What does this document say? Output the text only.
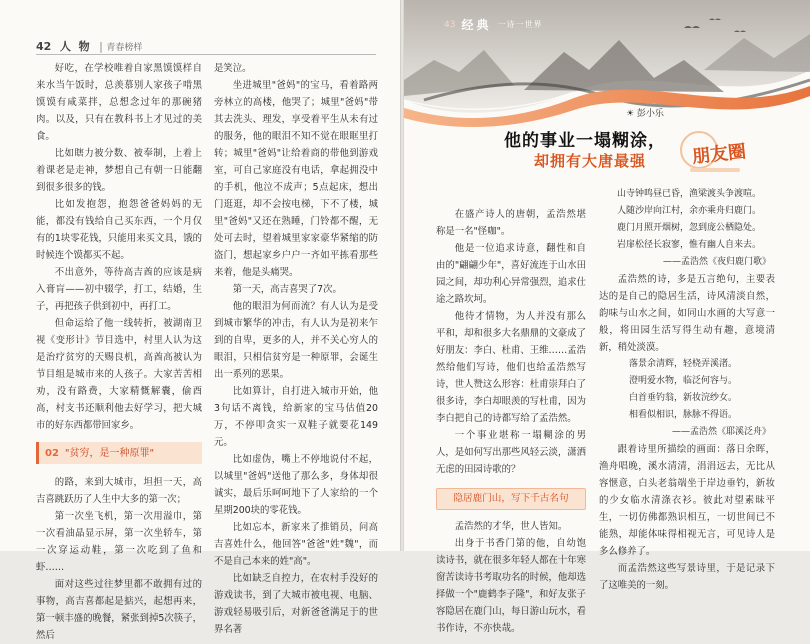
42 人 物 | 青春榜样

好吃，在学校唯着自家黑馍馍样自来水当午饭时，总羡慕别人家孩子啃黑馍馍有咸菜拌，总想念过年的那碗猪肉。以及，只有在教科书上才见过的美食。

比如瞎力被分数、被奉制，上着上着课老是走神，梦想自己有朝一日能翻到很多很多的钱。

比如发抱怨，抱怨爸爸妈妈的无能，都没有钱给自己买东西，一个月仅有的1块零花钱，只能用来买文具，饿的时候连个馍都买不起。

不出意外，等待高吉酋的应该是病入膏肓——初中辍学，打工，结婚，生子，再把孩子供到初中，再打工。

但命运给了他一线转折，被湖南卫视《变形计》节目选中，村里人认为这是治疗贫穷的天赐良机，高酋高被认为节目组是城市来的人孩子。大家苦苦相劝，没有路费，大家精慨解囊，偷酉高，村支书还顺利他去好学习，把大城市的好东西都带回家乡。

02 "贫穷，是一种原罪"

的路，来到大城市，坦担一天，高吉喜跳跃历了人生中大多的第一次；

第一次坐飞机，第一次用溢巾，第一次看油晶显示屏，第一次坐轿车，第一次穿运动鞋，第一次吃到了鱼和虾……

面对这些过往梦里都不敢拥有过的事物，高吉喜都起是掂兴，起想再来，第一顿丰盛的晚餐，紧张到掉5次筷子，然后

是笑泣。

坐进城里"爸妈"的宝马，看着路两旁林立的高楼，他哭了；城里"爸妈"带其去洗头、理发，享受着平生从未有过的服务，他的眼泪不知不觉在眼眶里打转；城里"爸妈"让给着商的带他到游戏室，可自己家庭没有电话，拿起拥没中的手机，他泣不成声；5点起床，想出门逛逛，却不会按电梯，下不了楼，城里"爸妈"又还在熟睡，门铃都不醒，无处可去时，望着城里家家豪华紧缩的防盗门，想起家乡户户一齐如平拣看那些来着，他是头痛哭。

第一天，高吉喜哭了7次。

他的眼泪为何而流？有人认为是受到城市繁华的冲击，有人认为是初来乍到的自卑，更多的人，并不关心穷人的眼泪，只相信贫穷是一种原罪，会诞生出一系列的恶果。

比如算计，自打进入城市开始，他3句话不离钱，给新家的宝马估值20万，不停叩贪实一双鞋子就要花149元。

比如虚伪，嘴上不停地说付不起，以城里"爸妈"送他了那么多，身体却很诚实，最后乐呵呵地下了人家给的一个星期200块的零花钱。

比如忘本，新家来了推销员，问高吉喜姓什么，他回答"爸爸"姓"魏"，而不是自己本来的姓"高"。

比如缺乏自控力，在农村手没好的游戏读书，到了大城市被电视、电脑、游戏轻易吸引后，对新爸爸满足于的世界名著

43 经典 一诗一世界
☀ 彭小乐
他的事业一塌糊涂，
却拥有大唐最强	朋友圈

在盛产诗人的唐朝，孟浩然堪称是一名"怪咖"。

他是一位追求诗意，翻性和自由的"翩翩少年"，喜好流连于山水田园之间，却功利心异常强烈，追求仕途之路坎坷。

他待才情物，为人并没有那么平和，却和很多大名鼎鼎的文豪成了好朋友：李白、杜甫、王维……孟浩然给他们写诗，他们也给孟浩然写诗，世人赞这么形容：杜甫崇拜白了很多诗，李白却眼羡的写杜甫，因为李白把自己的诗都写给了孟浩然。

一个事业堪称一塌糊涂的男人，是如何写出那些风轻云淡，潇洒无虑的田园诗歌的？

隐居鹿门山，写下千古名句

孟浩然的才华，世人皆知。

出身于书香门第的他，自幼饱读诗书，就在很多年轻人都在十年寒窗苦读诗书考取功名的时候，他却选择做一个"鹿鹤李子隆"，和好友张子容隐居在鹿门山，每日游山玩水，看书作诗，不亦快哉。

山寺钟鸣昼已昏，渔梁渡头争渡喧。

人随沙岸向江村，余亦乘舟归鹿门。

鹿门月照开烟树，忽到庞公栖隐处。

岩扉松径长寂寥，惟有幽人自来去。

——孟浩然《夜归鹿门歌》

孟浩然的诗，多是五言绝句，主要表达的是自己的隐居生活，诗风清淡自然，韵味与山水之间，如同山水画的大写意一般，将田园生活写得生动有趣，意境清新，稍处淡漠。

落景余清辉，轻桡弄溪渚。

澄明爱水物，临泛何容与。

白首垂钓翁，新妆浣纱女。

相看似相识，脉脉不得语。

——孟浩然《耶溪泛舟》

跟着诗里所描绘的画面：落日余晖，渔舟唱晚，溪水清清，涓涓远去，无比从容惬意，白头老翁端坐于岸边垂钓，新妆的少女临水清涤衣衫。彼此对望素昧平生，一切仿佛都熟识相互，一切世间已不能熟，却能体味得相视无言，可见诗人是多么修养了。

而孟浩然这些写景诗里，于是记录下了这唯美的一刻。
